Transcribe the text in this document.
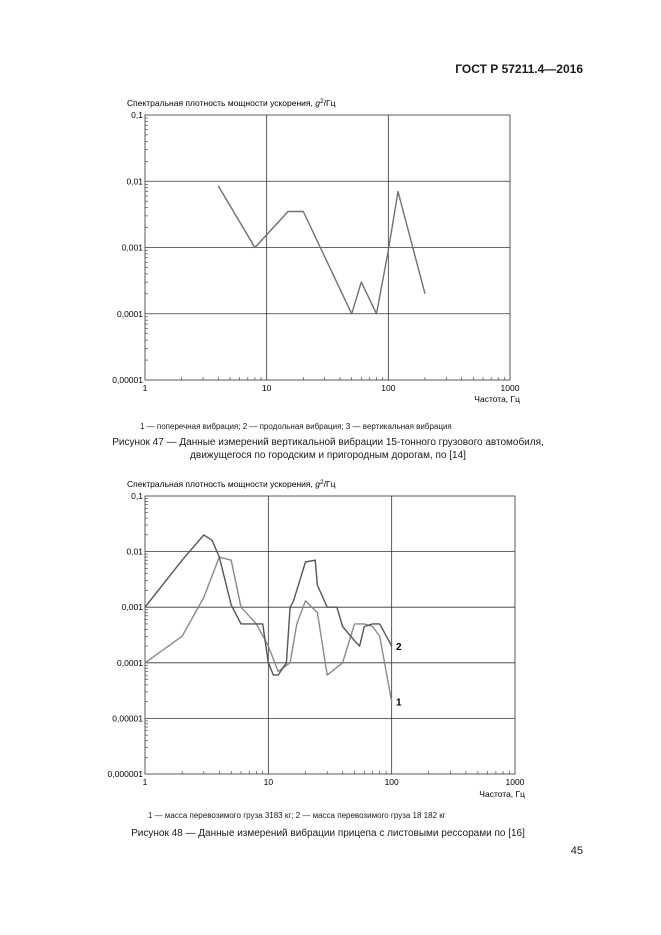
ГОСТ Р 57211.4—2016
1	10	100	1000
0,00001
0,0001
0,001
0,01
0,1
Спектральная плотность мощности ускорения, $g^2/Гц$
Частота, Гц
1	10	100	1000
0,000001
0,00001
0,0001
0,001
0,01
0,1
Спектральная плотность мощности ускорения, $g^2/Гц$
Частота, Гц
1
2
1 — поперечная вибрация; 2 — продольная вибрация; 3 — вертикальная вибрация
Рисунок 47 — Данные измерений вертикальной вибрации 15-тонного грузового автомобиля, движущегося по городским и пригородным дорогам, по [14]
1 — масса перевозимого груза 3183 кг; 2 — масса перевозимого груза 18 182 кг
Рисунок 48 — Данные измерений вибрации прицепа с листовыми рессорами по [16]
45
